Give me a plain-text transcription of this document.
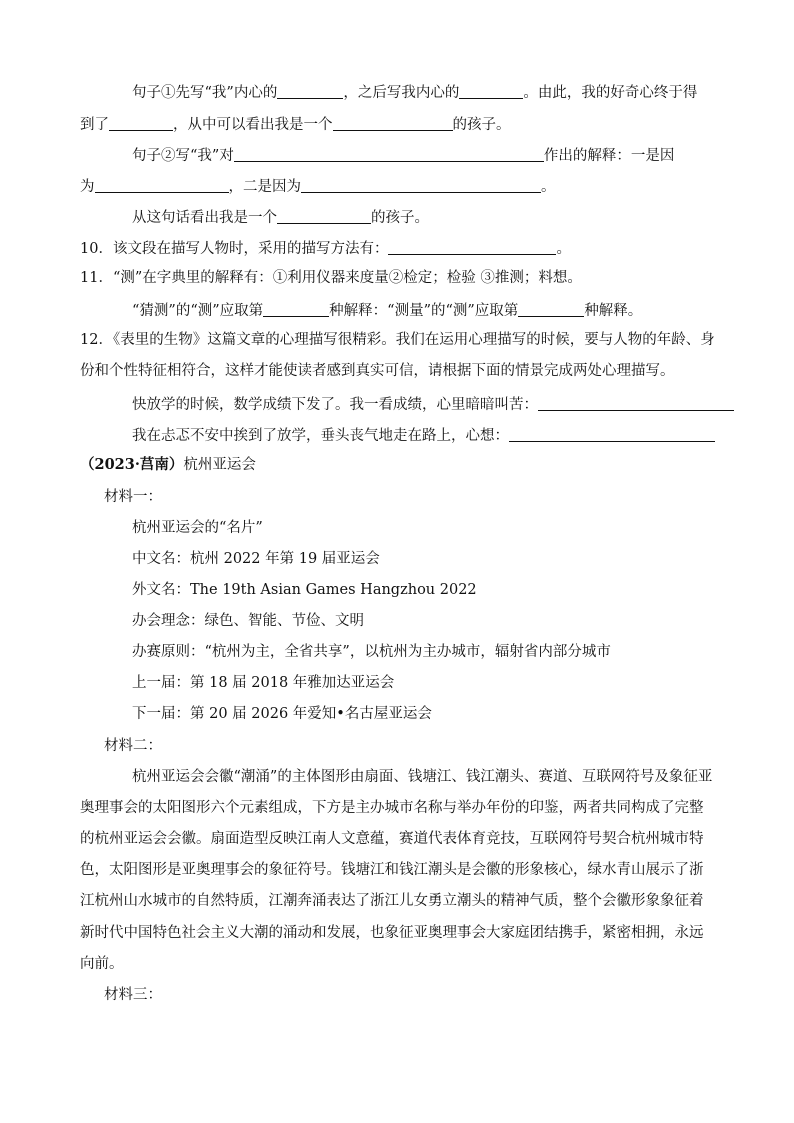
句子①先写“我”内心的	，之后写我内心的	。由此，我的好奇心终于得
到了	，从中可以看出我是一个	的孩子。
句子②写“我”对	作出的解释：一是因
为	，二是因为	。
从这句话看出我是一个	的孩子。
10．该文段在描写人物时，采用的描写方法有：	。
11．“测”在字典里的解释有：①利用仪器来度量②检定；检验 ③推测；料想。
“猜测”的“测”应取第	种解释：“测量”的“测”应取第	种解释。
12．《表里的生物》这篇文章的心理描写很精彩。我们在运用心理描写的时候，要与人物的年龄、身
份和个性特征相符合，这样才能使读者感到真实可信，请根据下面的情景完成两处心理描写。
快放学的时候，数学成绩下发了。我一看成绩，心里暗暗叫苦：
我在忐忑不安中挨到了放学，垂头丧气地走在路上，心想：
（2023·莒南）杭州亚运会
材料一：
杭州亚运会的“名片”
中文名：杭州 2022 年第 19 届亚运会
外文名：The 19th Asian Games Hangzhou 2022
办会理念：绿色、智能、节俭、文明
办赛原则：“杭州为主，全省共享”，以杭州为主办城市，辐射省内部分城市
上一届：第 18 届 2018 年雅加达亚运会
下一届：第 20 届 2026 年爱知•名古屋亚运会
材料二：
杭州亚运会会徽“潮涌”的主体图形由扇面、钱塘江、钱江潮头、赛道、互联网符号及象征亚
奥理事会的太阳图形六个元素组成，下方是主办城市名称与举办年份的印鉴，两者共同构成了完整
的杭州亚运会会徽。扇面造型反映江南人文意蕴，赛道代表体育竞技，互联网符号契合杭州城市特
色，太阳图形是亚奥理事会的象征符号。钱塘江和钱江潮头是会徽的形象核心，绿水青山展示了浙
江杭州山水城市的自然特质，江潮奔涌表达了浙江儿女勇立潮头的精神气质，整个会徽形象象征着
新时代中国特色社会主义大潮的涌动和发展，也象征亚奥理事会大家庭团结携手，紧密相拥，永远
向前。
材料三：
